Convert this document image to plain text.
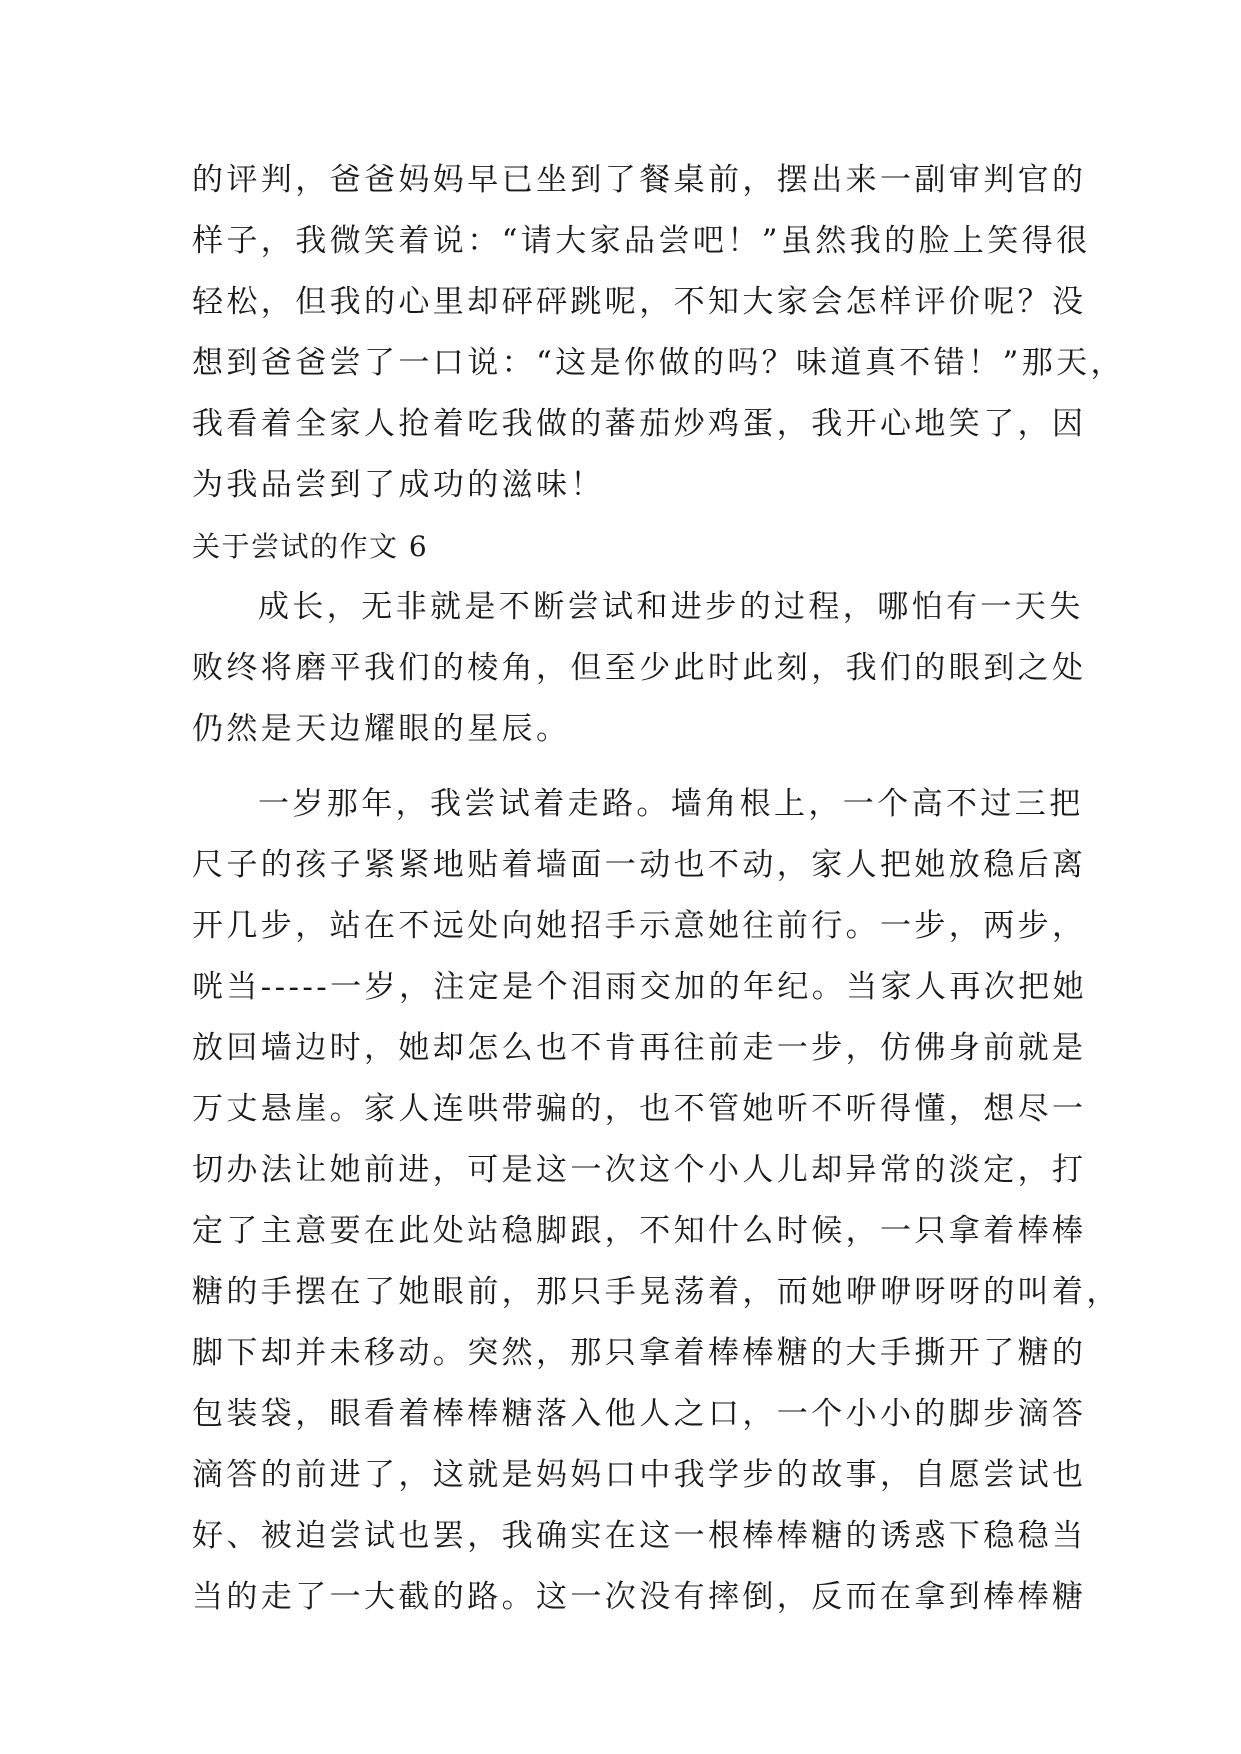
的评判，爸爸妈妈早已坐到了餐桌前，摆出来一副审判官的
样子，我微笑着说：“请大家品尝吧！”虽然我的脸上笑得很
轻松，但我的心里却砰砰跳呢，不知大家会怎样评价呢？没
想到爸爸尝了一口说：“这是你做的吗？味道真不错！”那天，
我看着全家人抢着吃我做的蕃茄炒鸡蛋，我开心地笑了，因
为我品尝到了成功的滋味！
关于尝试的作文 6
成长，无非就是不断尝试和进步的过程，哪怕有一天失
败终将磨平我们的棱角，但至少此时此刻，我们的眼到之处
仍然是天边耀眼的星辰。
一岁那年，我尝试着走路。墙角根上，一个高不过三把
尺子的孩子紧紧地贴着墙面一动也不动，家人把她放稳后离
开几步，站在不远处向她招手示意她往前行。一步，两步，
咣当-----一岁，注定是个泪雨交加的年纪。当家人再次把她
放回墙边时，她却怎么也不肯再往前走一步，仿佛身前就是
万丈悬崖。家人连哄带骗的，也不管她听不听得懂，想尽一
切办法让她前进，可是这一次这个小人儿却异常的淡定，打
定了主意要在此处站稳脚跟，不知什么时候，一只拿着棒棒
糖的手摆在了她眼前，那只手晃荡着，而她咿咿呀呀的叫着，
脚下却并未移动。突然，那只拿着棒棒糖的大手撕开了糖的
包装袋，眼看着棒棒糖落入他人之口，一个小小的脚步滴答
滴答的前进了，这就是妈妈口中我学步的故事，自愿尝试也
好、被迫尝试也罢，我确实在这一根棒棒糖的诱惑下稳稳当
当的走了一大截的路。这一次没有摔倒，反而在拿到棒棒糖
